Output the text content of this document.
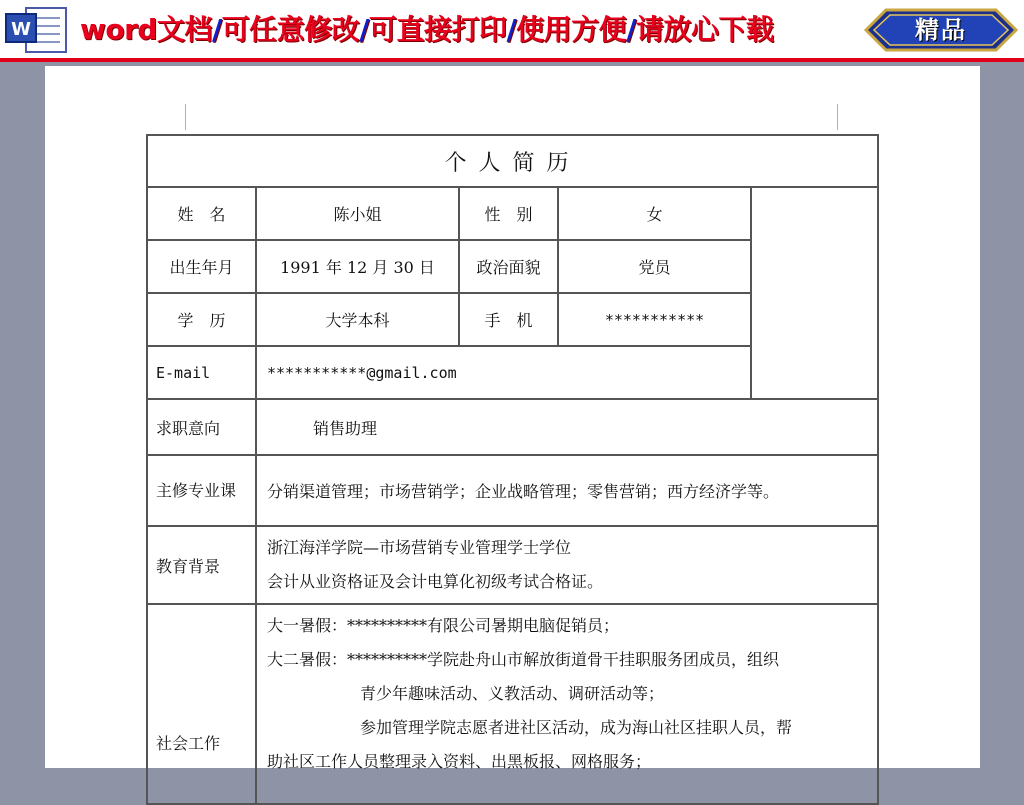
W word文档/可任意修改/可直接打印/使用方便/请放心下载	精品
个人简历				
姓　名	陈小姐	性　别	女	
出生年月	1991 年 12 月 30 日	政治面貌	党员	
学　历	大学本科	手　机	***********	
E-mail	***********@gmail.com			
求职意向	销售助理			
主修专业课	分销渠道管理；市场营销学；企业战略管理；零售营销；西方经济学等。			
教育背景	浙江海洋学院—市场营销专业管理学士学位
会计从业资格证及会计电算化初级考试合格证。			

社会工作	大一暑假：**********有限公司暑期电脑促销员；
大二暑假：**********学院赴舟山市解放街道骨干挂职服务团成员，组织
青少年趣味活动、义教活动、调研活动等；
参加管理学院志愿者进社区活动，成为海山社区挂职人员，帮
助社区工作人员整理录入资料、出黑板报、网格服务；			
